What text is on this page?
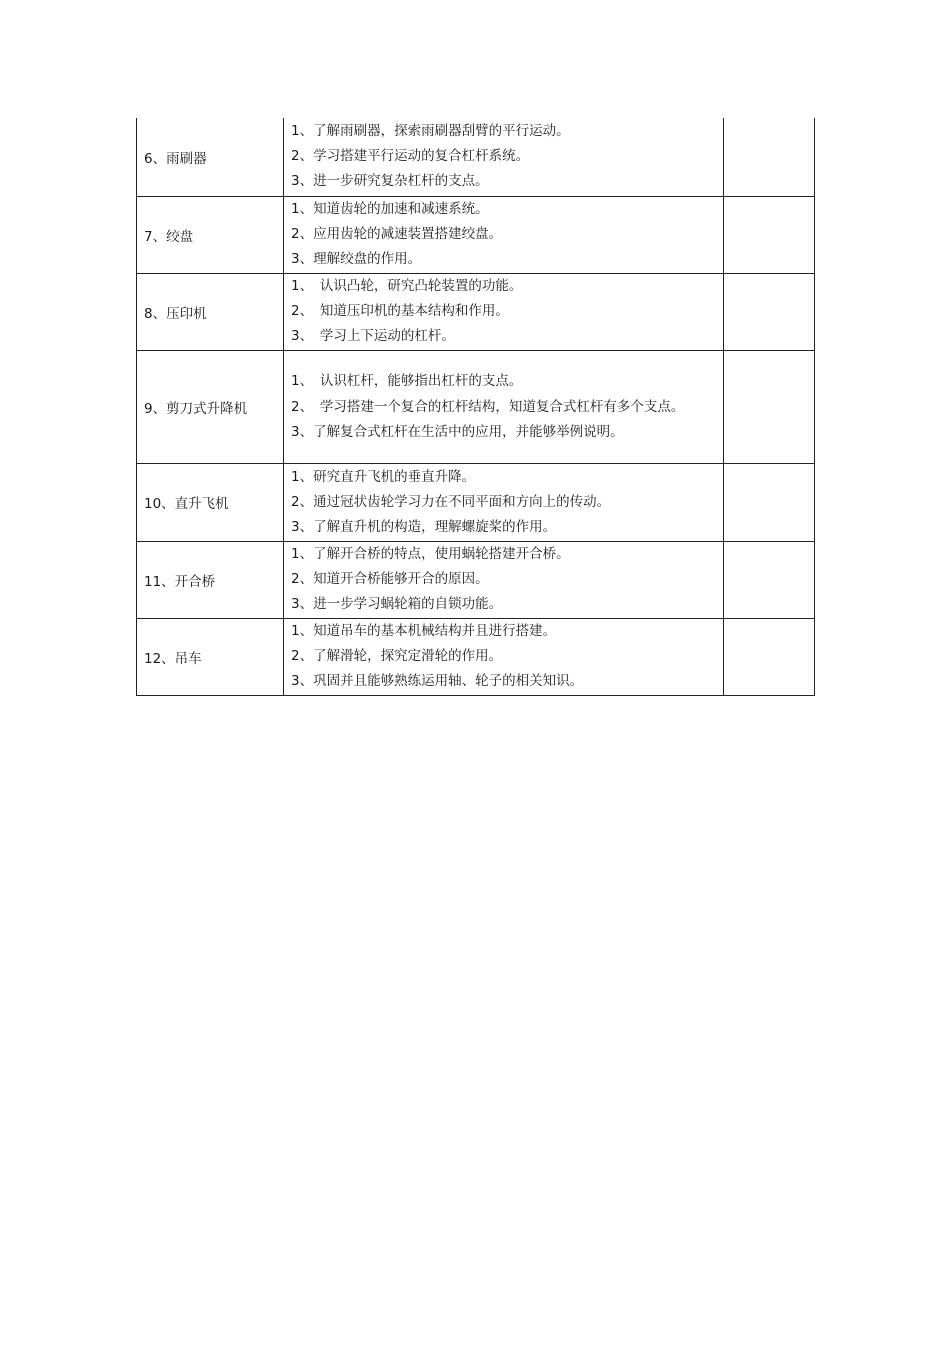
6、雨刷器	1、了解雨刷器，探索雨刷器刮臂的平行运动。
2、学习搭建平行运动的复合杠杆系统。
3、进一步研究复杂杠杆的支点。	

7、绞盘	1、知道齿轮的加速和减速系统。
2、应用齿轮的减速装置搭建绞盘。
3、理解绞盘的作用。	

8、压印机	1、　认识凸轮，研究凸轮装置的功能。
2、　知道压印机的基本结构和作用。
3、　学习上下运动的杠杆。	

9、剪刀式升降机	1、　认识杠杆，能够指出杠杆的支点。
2、　学习搭建一个复合的杠杆结构，知道复合式杠杆有多个支点。
3、了解复合式杠杆在生活中的应用，并能够举例说明。	

10、直升飞机	1、研究直升飞机的垂直升降。
2、通过冠状齿轮学习力在不同平面和方向上的传动。
3、了解直升机的构造，理解螺旋桨的作用。	

11、开合桥	1、了解开合桥的特点，使用蜗轮搭建开合桥。
2、知道开合桥能够开合的原因。
3、进一步学习蜗轮箱的自锁功能。	

12、吊车	1、知道吊车的基本机械结构并且进行搭建。
2、了解滑轮，探究定滑轮的作用。
3、巩固并且能够熟练运用轴、轮子的相关知识。	
